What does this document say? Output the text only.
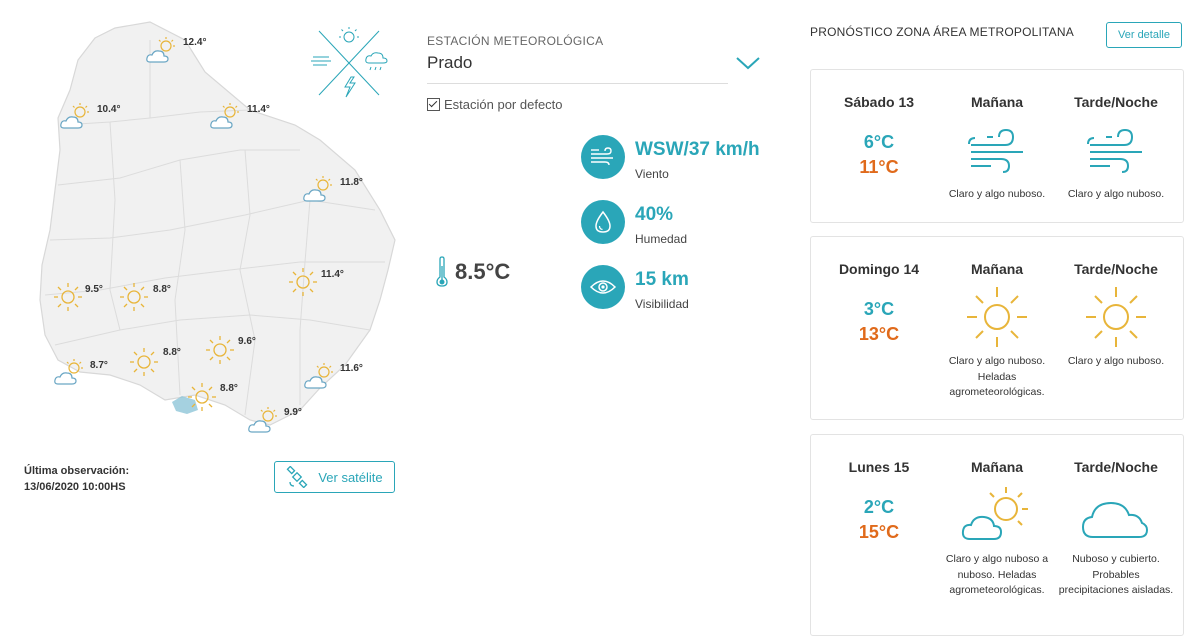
12.4°
10.4°	11.4°
11.8°
9.5°	8.8°
11.4°
9.6°
8.8°
8.7°
8.8°
11.6°
9.9°
Última observación:
13/06/2020 10:00HS
Ver satélite
ESTACIÓN METEOROLÓGICA
Prado
Estación por defecto
8.5°C
WSW/37 km/h
Viento
40%
Humedad
15 km
Visibilidad
PRONÓSTICO ZONA ÁREA METROPOLITANA	Ver detalle
Sábado 13	Mañana	Tarde/Noche
6°C
11°C
Claro y algo nuboso.	Claro y algo nuboso.
Domingo 14	Mañana	Tarde/Noche
3°C
13°C
Claro y algo nuboso. Heladas agrometeorológicas.
Claro y algo nuboso.
Lunes 15	Mañana	Tarde/Noche
2°C
15°C
Claro y algo nuboso a nuboso. Heladas agrometeorológicas.
Nuboso y cubierto. Probables precipitaciones aisladas.
